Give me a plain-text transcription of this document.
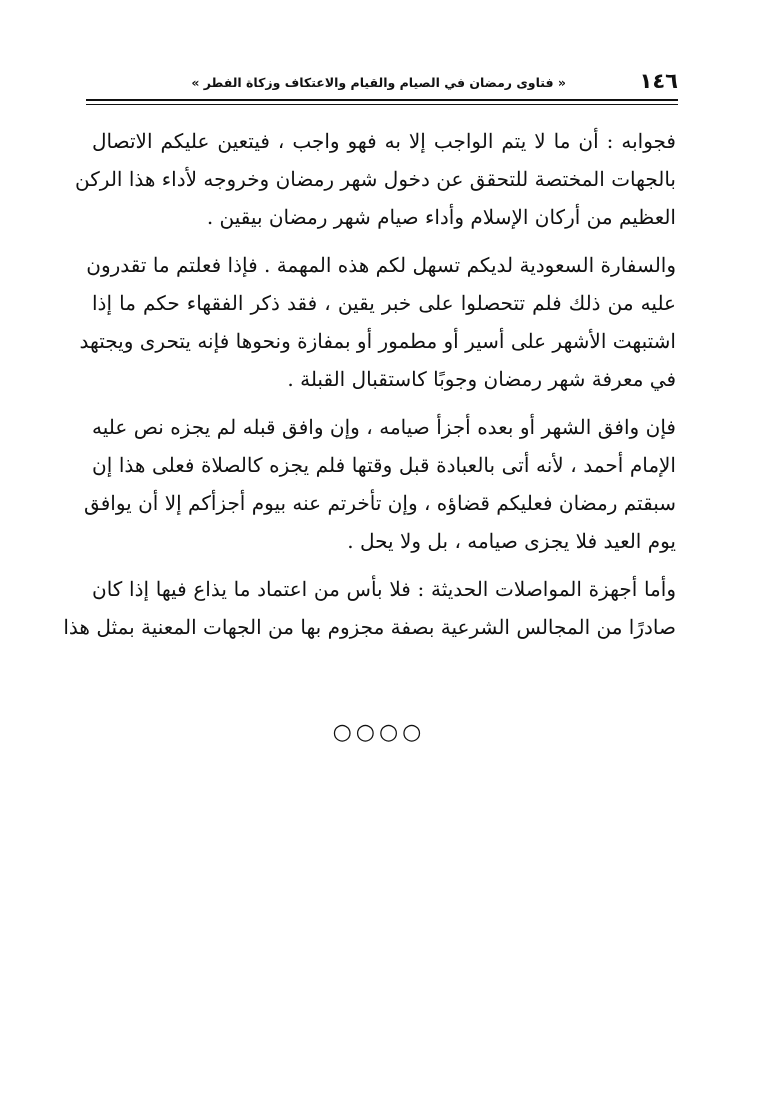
١٤٦
« فتاوى رمضان في الصيام والقيام والاعتكاف وزكاة الفطر »
فجوابه : أن ما لا يتم الواجب إلا به فهو واجب ، فيتعين عليكم الاتصال
بالجهات المختصة للتحقق عن دخول شهر رمضان وخروجه لأداء هذا الركن
العظيم من أركان الإسلام وأداء صيام شهر رمضان بيقين .
والسفارة السعودية لديكم تسهل لكم هذه المهمة . فإذا فعلتم ما تقدرون
عليه من ذلك فلم تتحصلوا على خبر يقين ، فقد ذكر الفقهاء حكم ما إذا
اشتبهت الأشهر على أسير أو مطمور أو بمفازة ونحوها فإنه يتحرى ويجتهد
في معرفة شهر رمضان وجوبًا كاستقبال القبلة .
فإن وافق الشهر أو بعده أجزأ صيامه ، وإن وافق قبله لم يجزه نص عليه
الإمام أحمد ، لأنه أتى بالعبادة قبل وقتها فلم يجزه كالصلاة فعلى هذا إن
سبقتم رمضان فعليكم قضاؤه ، وإن تأخرتم عنه بيوم أجزأكم إلا أن يوافق
يوم العيد فلا يجزى صيامه ، بل ولا يحل .
وأما أجهزة المواصلات الحديثة : فلا بأس من اعتماد ما يذاع فيها إذا كان
صادرًا من المجالس الشرعية بصفة مجزوم بها من الجهات المعنية بمثل هذا
○○○○
